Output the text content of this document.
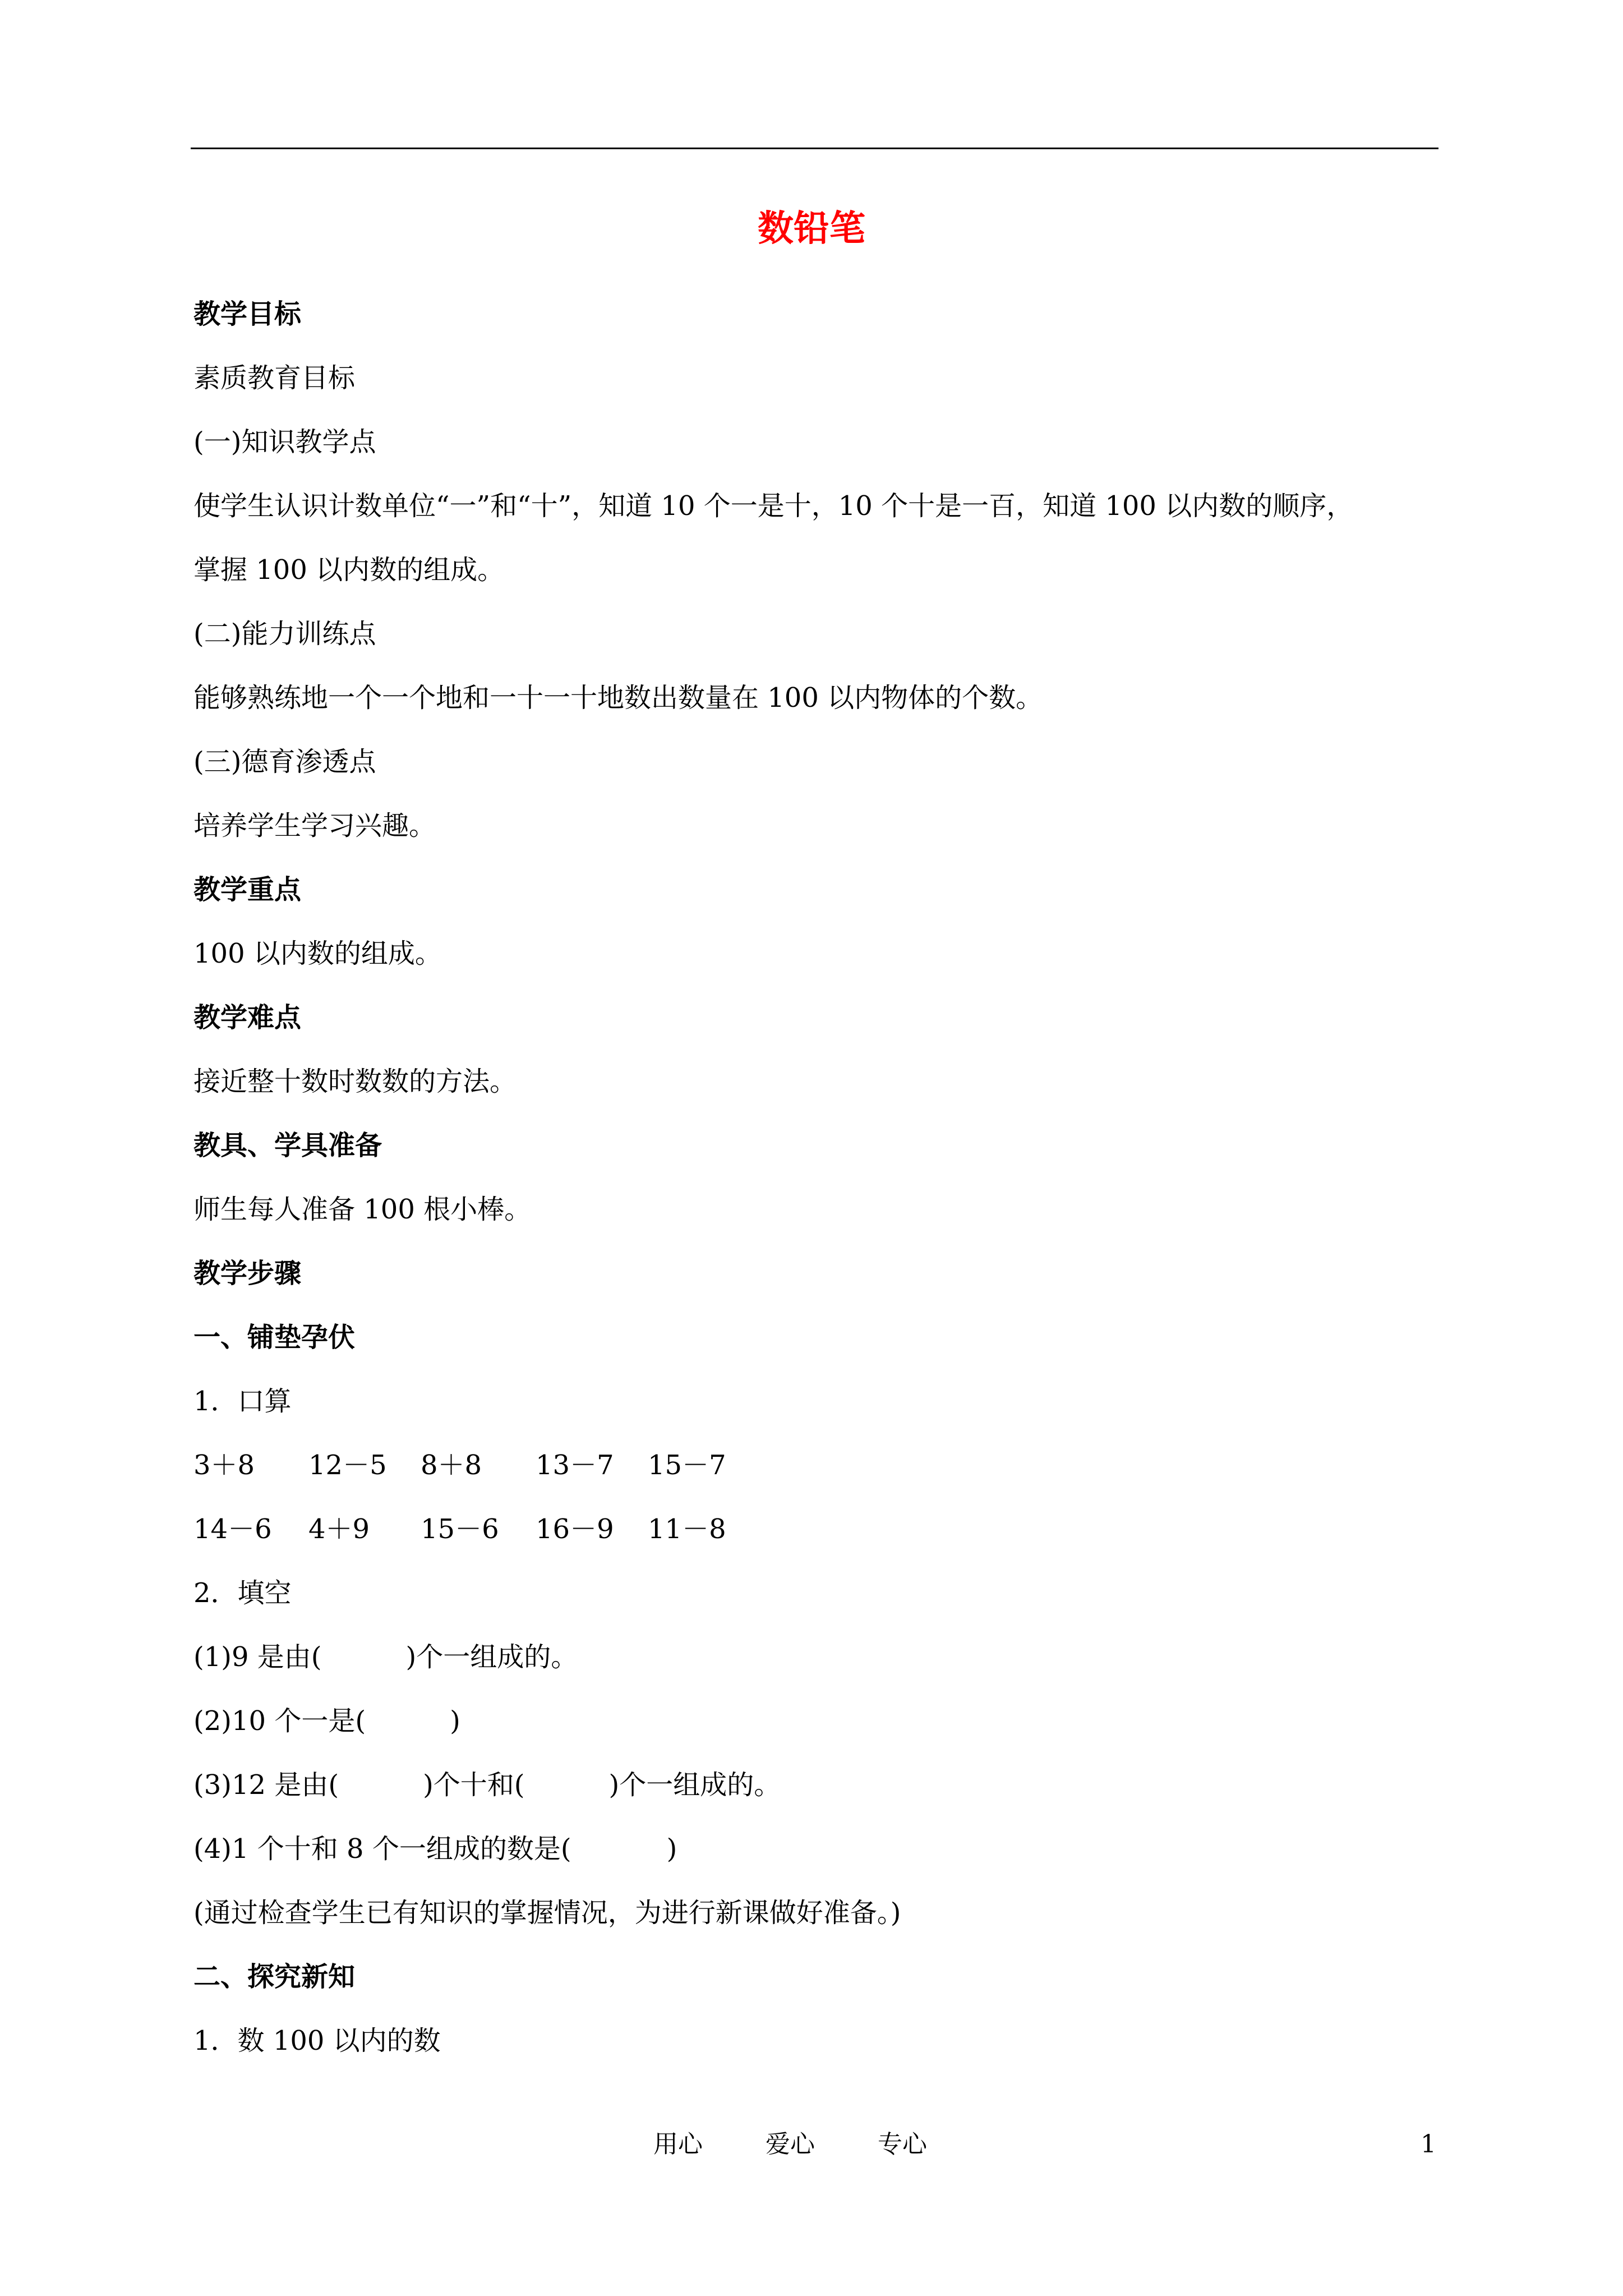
数铅笔
教学目标
素质教育目标
(一)知识教学点
使学生认识计数单位“一”和“十”，知道 10 个一是十，10 个十是一百，知道 100 以内数的顺序，
掌握 100 以内数的组成。
(二)能力训练点
能够熟练地一个一个地和一十一十地数出数量在 100 以内物体的个数。
(三)德育渗透点
培养学生学习兴趣。
教学重点
100 以内数的组成。
教学难点
接近整十数时数数的方法。
教具、学具准备
师生每人准备 100 根小棒。
教学步骤
一、铺垫孕伏
1．口算
3＋8	12－5	8＋8	13－7	15－7
14－6	4＋9	15－6	16－9	11－8
2．填空
(1)9 是由(	)个一组成的。
(2)10 个一是(	)
(3)12 是由(	)个十和(	)个一组成的。
(4)1 个十和 8 个一组成的数是(	)
(通过检查学生已有知识的掌握情况，为进行新课做好准备。)
二、探究新知
1．数 100 以内的数
用心	爱心	专心	1
